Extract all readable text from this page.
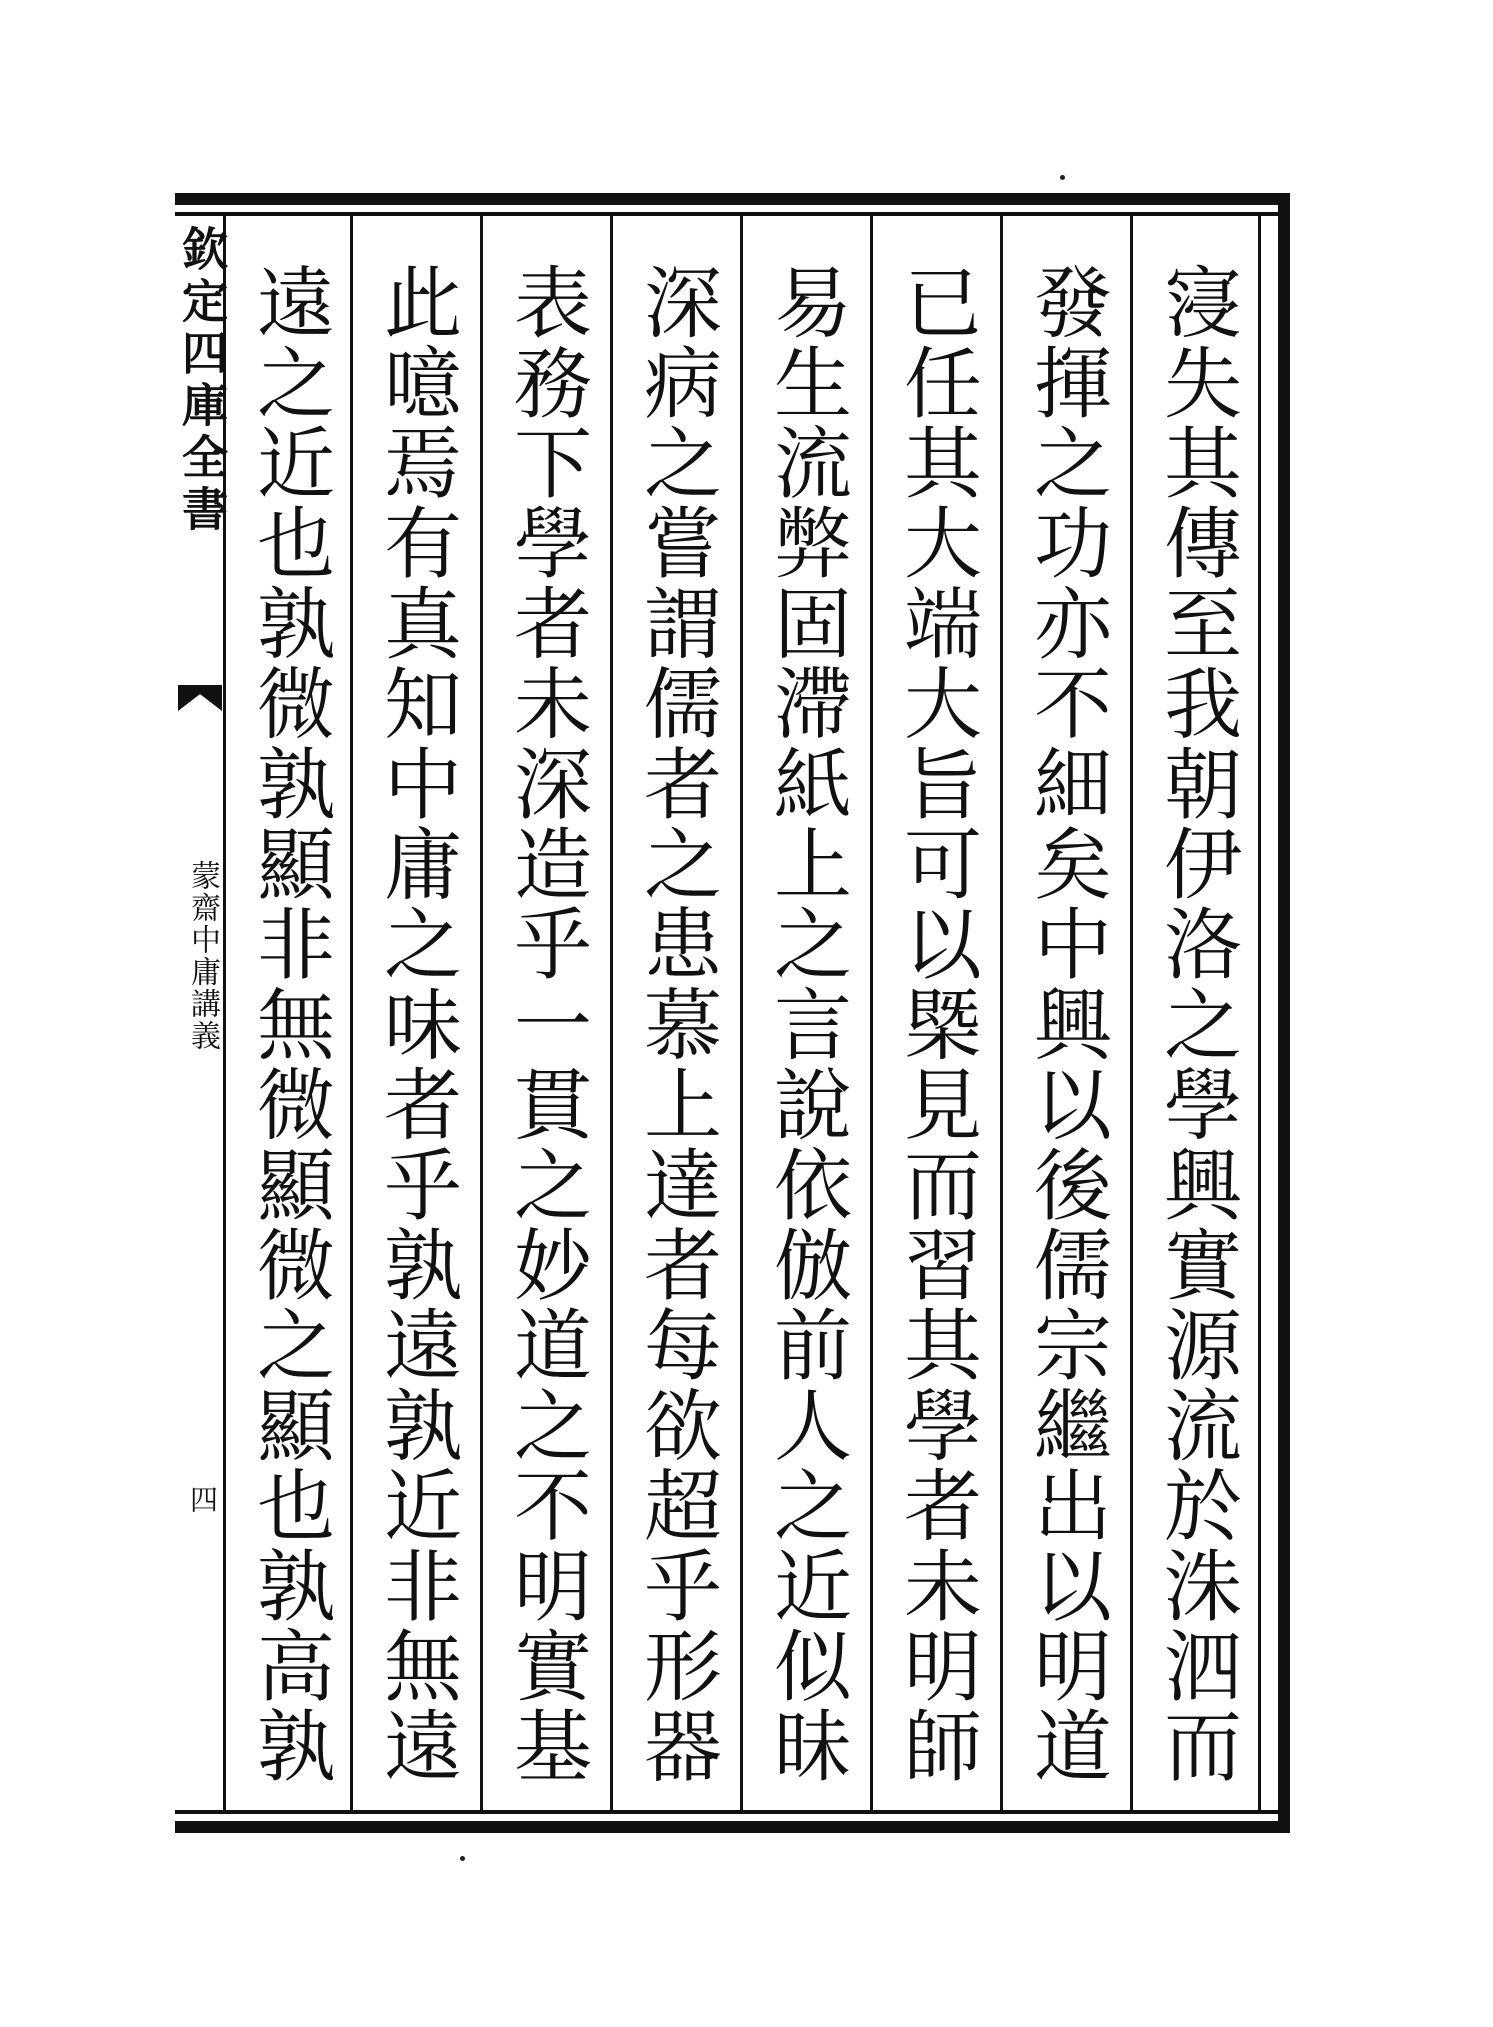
欽定四庫全書
蒙齋中庸講義
四
寖失其傳至我朝伊洛之學興實源流於洙泗而
發揮之功亦不細矣中興以後儒宗繼出以明道
已任其大端大旨可以槩見而習其學者未明師
易生流弊固滯紙上之言說依倣前人之近似昧
深病之嘗謂儒者之患慕上達者每欲超乎形器
表務下學者未深造乎一貫之妙道之不明實基
此噫焉有真知中庸之味者乎孰遠孰近非無遠
遠之近也孰微孰顯非無微顯微之顯也孰高孰
